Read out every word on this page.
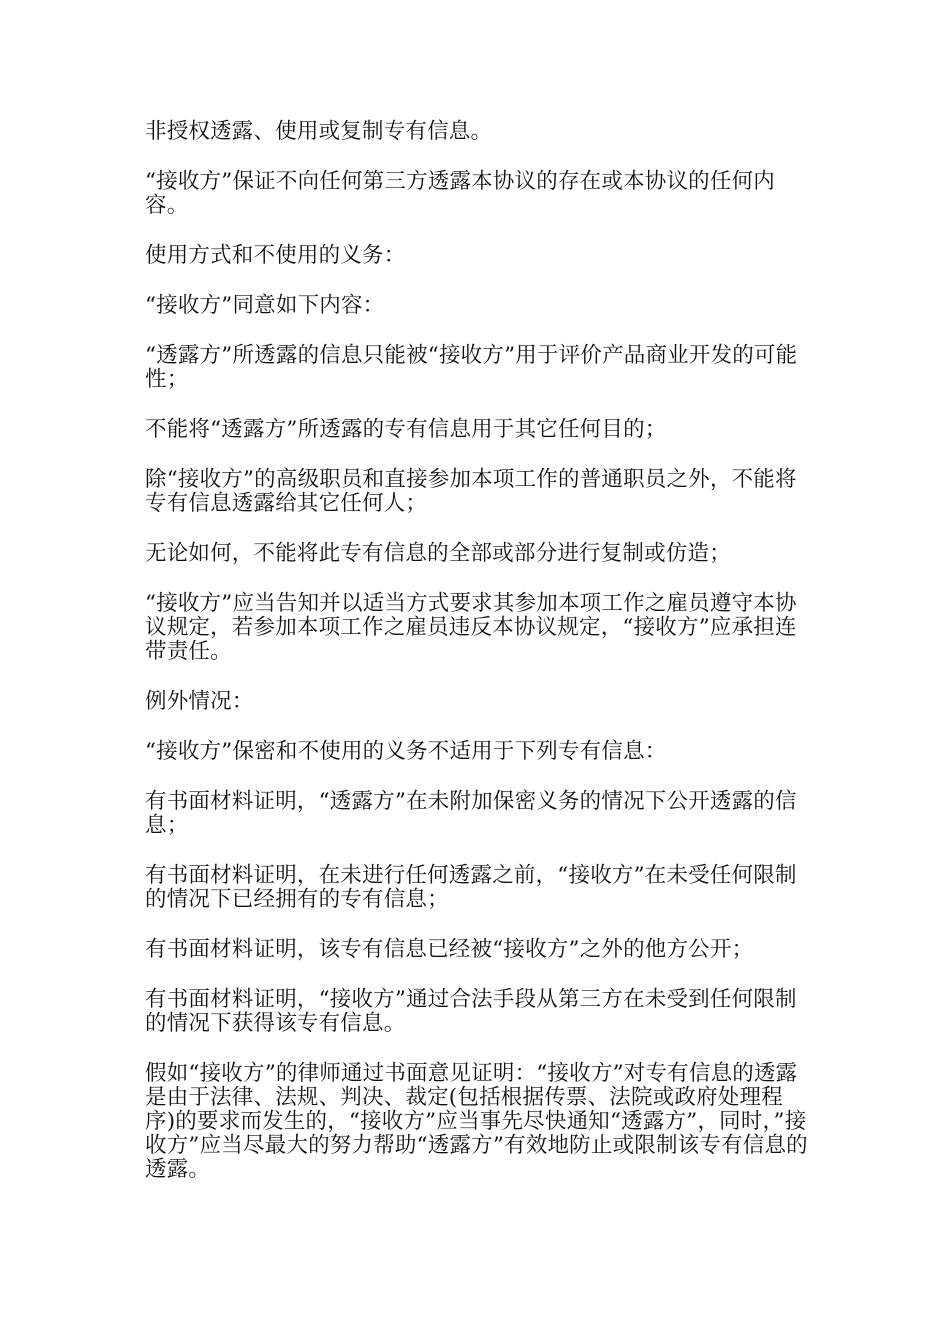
非授权透露、使用或复制专有信息。

“接收方”保证不向任何第三方透露本协议的存在或本协议的任何内容。

使用方式和不使用的义务：

“接收方”同意如下内容：

“透露方”所透露的信息只能被“接收方”用于评价产品商业开发的可能性；

不能将“透露方”所透露的专有信息用于其它任何目的；

除“接收方”的高级职员和直接参加本项工作的普通职员之外，不能将专有信息透露给其它任何人；

无论如何，不能将此专有信息的全部或部分进行复制或仿造；

“接收方”应当告知并以适当方式要求其参加本项工作之雇员遵守本协议规定，若参加本项工作之雇员违反本协议规定，“接收方”应承担连带责任。

例外情况：

“接收方”保密和不使用的义务不适用于下列专有信息：

有书面材料证明，“透露方”在未附加保密义务的情况下公开透露的信息；

有书面材料证明，在未进行任何透露之前，“接收方”在未受任何限制的情况下已经拥有的专有信息；

有书面材料证明，该专有信息已经被“接收方”之外的他方公开；

有书面材料证明，“接收方”通过合法手段从第三方在未受到任何限制的情况下获得该专有信息。

假如“接收方”的律师通过书面意见证明：“接收方”对专有信息的透露是由于法律、法规、判决、裁定(包括根据传票、法院或政府处理程序)的要求而发生的，“接收方”应当事先尽快通知“透露方”，同时，”接收方”应当尽最大的努力帮助“透露方”有效地防止或限制该专有信息的透露。
